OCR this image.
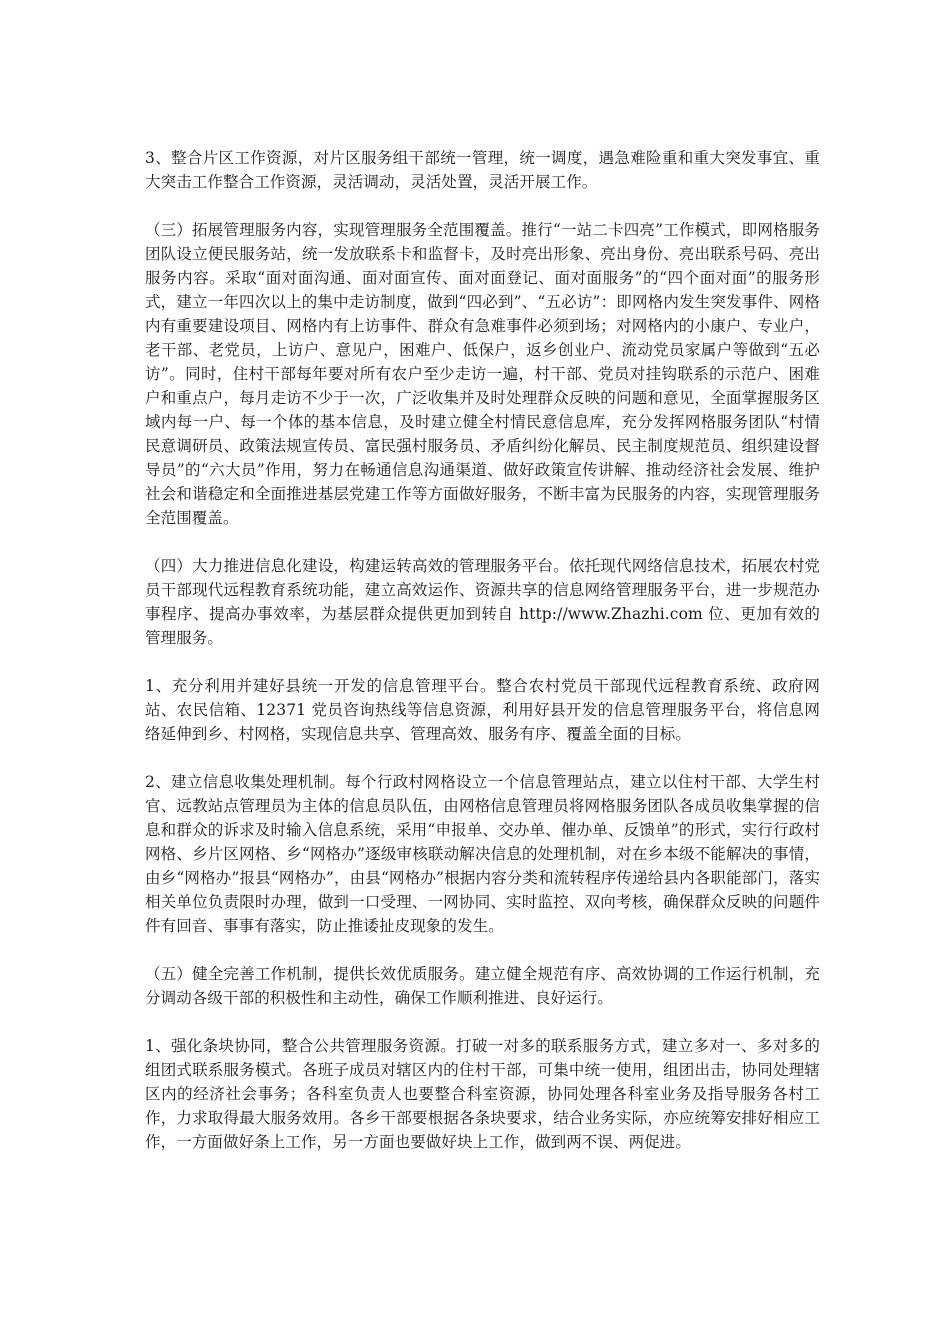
3、整合片区工作资源，对片区服务组干部统一管理，统一调度，遇急难险重和重大突发事宜、重大突击工作整合工作资源，灵活调动，灵活处置，灵活开展工作。

（三）拓展管理服务内容，实现管理服务全范围覆盖。推行“一站二卡四亮”工作模式，即网格服务团队设立便民服务站，统一发放联系卡和监督卡，及时亮出形象、亮出身份、亮出联系号码、亮出服务内容。采取“面对面沟通、面对面宣传、面对面登记、面对面服务”的“四个面对面”的服务形式，建立一年四次以上的集中走访制度，做到“四必到”、“五必访”：即网格内发生突发事件、网格内有重要建设项目、网格内有上访事件、群众有急难事件必须到场；对网格内的小康户、专业户，老干部、老党员，上访户、意见户，困难户、低保户，返乡创业户、流动党员家属户等做到“五必访”。同时，住村干部每年要对所有农户至少走访一遍，村干部、党员对挂钩联系的示范户、困难户和重点户，每月走访不少于一次，广泛收集并及时处理群众反映的问题和意见，全面掌握服务区域内每一户、每一个体的基本信息，及时建立健全村情民意信息库，充分发挥网格服务团队“村情民意调研员、政策法规宣传员、富民强村服务员、矛盾纠纷化解员、民主制度规范员、组织建设督导员”的“六大员”作用，努力在畅通信息沟通渠道、做好政策宣传讲解、推动经济社会发展、维护社会和谐稳定和全面推进基层党建工作等方面做好服务，不断丰富为民服务的内容，实现管理服务全范围覆盖。

（四）大力推进信息化建设，构建运转高效的管理服务平台。依托现代网络信息技术，拓展农村党员干部现代远程教育系统功能，建立高效运作、资源共享的信息网络管理服务平台，进一步规范办事程序、提高办事效率，为基层群众提供更加到转自 http://www.Zhazhi.com 位、更加有效的管理服务。

1、充分利用并建好县统一开发的信息管理平台。整合农村党员干部现代远程教育系统、政府网站、农民信箱、12371 党员咨询热线等信息资源，利用好县开发的信息管理服务平台，将信息网络延伸到乡、村网格，实现信息共享、管理高效、服务有序、覆盖全面的目标。

2、建立信息收集处理机制。每个行政村网格设立一个信息管理站点，建立以住村干部、大学生村官、远教站点管理员为主体的信息员队伍，由网格信息管理员将网格服务团队各成员收集掌握的信息和群众的诉求及时输入信息系统，采用“申报单、交办单、催办单、反馈单”的形式，实行行政村网格、乡片区网格、乡“网格办”逐级审核联动解决信息的处理机制，对在乡本级不能解决的事情，由乡“网格办”报县“网格办”，由县“网格办”根据内容分类和流转程序传递给县内各职能部门，落实相关单位负责限时办理，做到一口受理、一网协同、实时监控、双向考核，确保群众反映的问题件件有回音、事事有落实，防止推诿扯皮现象的发生。

（五）健全完善工作机制，提供长效优质服务。建立健全规范有序、高效协调的工作运行机制，充分调动各级干部的积极性和主动性，确保工作顺利推进、良好运行。

1、强化条块协同，整合公共管理服务资源。打破一对多的联系服务方式，建立多对一、多对多的组团式联系服务模式。各班子成员对辖区内的住村干部，可集中统一使用，组团出击，协同处理辖区内的经济社会事务；各科室负责人也要整合科室资源，协同处理各科室业务及指导服务各村工作，力求取得最大服务效用。各乡干部要根据各条块要求，结合业务实际，亦应统筹安排好相应工作，一方面做好条上工作，另一方面也要做好块上工作，做到两不误、两促进。
